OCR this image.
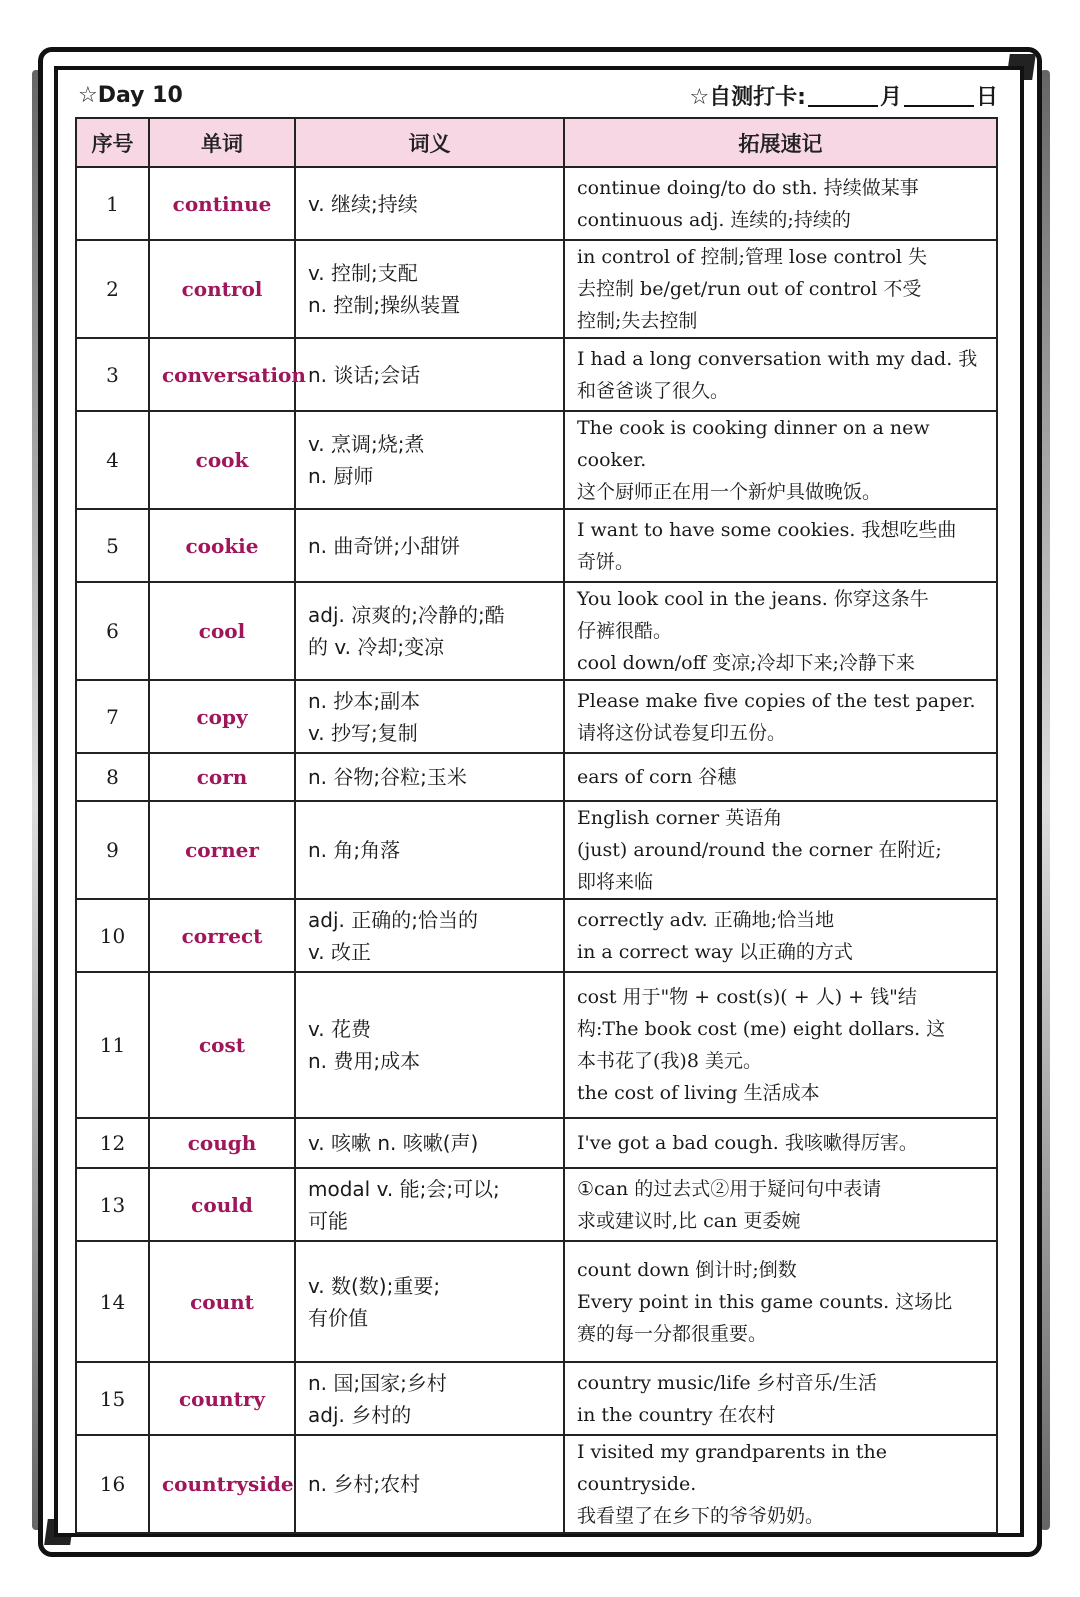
☆Day 10	☆自测打卡:	月	日
序号	单词	词义	拓展速记
1	continue	v. 继续;持续	continue doing/to do sth. 持续做某事
continuous adj. 连续的;持续的

2	control	v. 控制;支配
n. 控制;操纵装置	in control of 控制;管理 lose control 失
去控制 be/get/run out of control 不受
控制;失去控制

3	conversation	n. 谈话;会话	I had a long conversation with my dad. 我
和爸爸谈了很久。

4	cook	v. 烹调;烧;煮
n. 厨师	The cook is cooking dinner on a new cooker.
这个厨师正在用一个新炉具做晚饭。

5	cookie	n. 曲奇饼;小甜饼	I want to have some cookies. 我想吃些曲
奇饼。

6	cool	adj. 凉爽的;冷静的;酷
的 v. 冷却;变凉	You look cool in the jeans. 你穿这条牛
仔裤很酷。
cool down/off 变凉;冷却下来;冷静下来

7	copy	n. 抄本;副本
v. 抄写;复制	Please make five copies of the test paper.
请将这份试卷复印五份。

8	corn	n. 谷物;谷粒;玉米	ears of corn 谷穗

9	corner	n. 角;角落	English corner 英语角
(just) around/round the corner 在附近;
即将来临

10	correct	adj. 正确的;恰当的
v. 改正	correctly adv. 正确地;恰当地
in a correct way 以正确的方式

11	cost	v. 花费
n. 费用;成本	cost 用于"物 + cost(s)( + 人) + 钱"结
构:The book cost (me) eight dollars. 这
本书花了(我)8 美元。
the cost of living 生活成本

12	cough	v. 咳嗽 n. 咳嗽(声)	I've got a bad cough. 我咳嗽得厉害。

13	could	modal v. 能;会;可以;
可能	①can 的过去式②用于疑问句中表请
求或建议时,比 can 更委婉

14	count	v. 数(数);重要;
有价值	count down 倒计时;倒数
Every point in this game counts. 这场比
赛的每一分都很重要。

15	country	n. 国;国家;乡村
adj. 乡村的	country music/life 乡村音乐/生活
in the country 在农村

16	countryside	n. 乡村;农村	I visited my grandparents in the countryside.
我看望了在乡下的爷爷奶奶。
